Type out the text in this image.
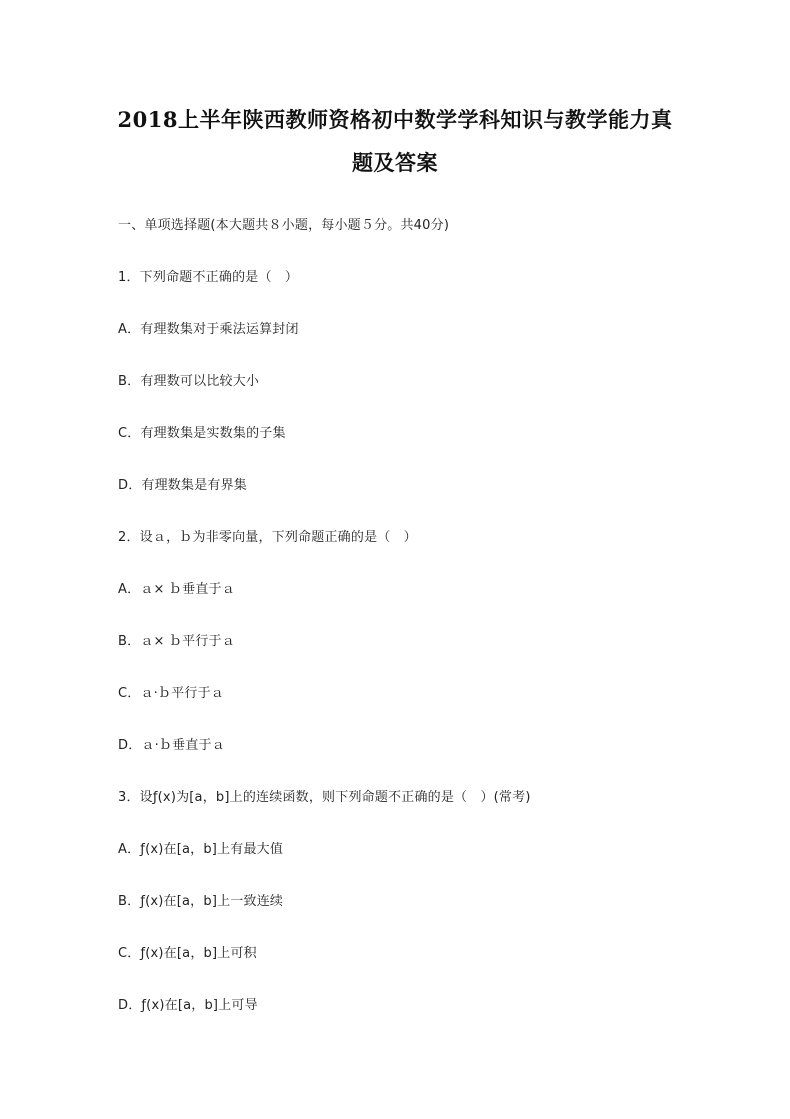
2018上半年陕西教师资格初中数学学科知识与教学能力真
题及答案
一、单项选择题(本大题共８小题，每小题５分。共40分)
1．下列命题不正确的是（　）
A．有理数集对于乘法运算封闭
B．有理数可以比较大小
C．有理数集是实数集的子集
D．有理数集是有界集
2．设ａ，ｂ为非零向量，下列命题正确的是（　）
A．ａ× ｂ垂直于ａ
B．ａ× ｂ平行于ａ
C．ａ·ｂ平行于ａ
D．ａ·ｂ垂直于ａ
3．设ƒ(x)为[a，b]上的连续函数，则下列命题不正确的是（　）(常考)
A．ƒ(x)在[a，b]上有最大值
B．ƒ(x)在[a，b]上一致连续
C．ƒ(x)在[a，b]上可积
D．ƒ(x)在[a，b]上可导
